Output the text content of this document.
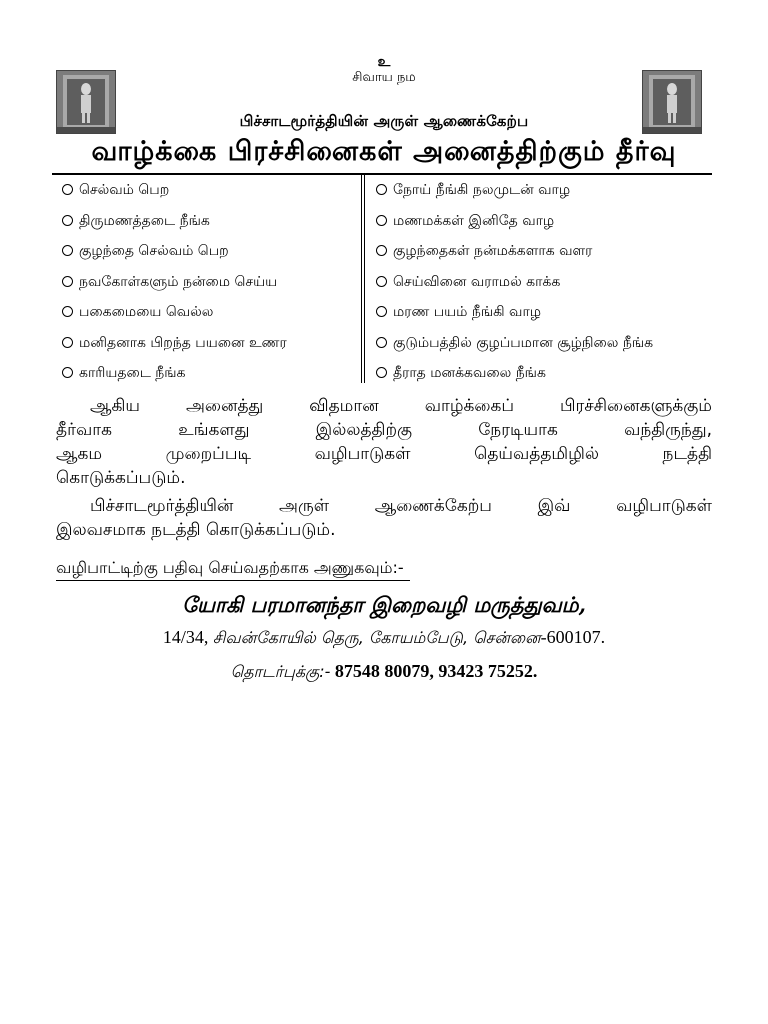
உ
சிவாய நம
பிச்சாடமூர்த்தியின் அருள் ஆணைக்கேற்ப
வாழ்க்கை பிரச்சினைகள் அனைத்திற்கும் தீர்வு
செல்வம் பெற
திருமணத்தடை நீங்க
குழந்தை செல்வம் பெற
நவகோள்களும் நன்மை செய்ய
பகைமையை வெல்ல
மனிதனாக பிறந்த பயனை உணர
காரியதடை நீங்க
நோய் நீங்கி நலமுடன் வாழ
மணமக்கள் இனிதே வாழ
குழந்தைகள் நன்மக்களாக வளர
செய்வினை வராமல் காக்க
மரண பயம் நீங்கி வாழ
குடும்பத்தில் குழப்பமான சூழ்நிலை நீங்க
தீராத மனக்கவலை நீங்க
ஆகிய அனைத்து விதமான வாழ்க்கைப் பிரச்சினைகளுக்கும்
தீர்வாக உங்களது இல்லத்திற்கு நேரடியாக வந்திருந்து,
ஆகம முறைப்படி வழிபாடுகள் தெய்வத்தமிழில் நடத்தி
கொடுக்கப்படும்.
பிச்சாடமூர்த்தியின் அருள் ஆணைக்கேற்ப இவ் வழிபாடுகள்
இலவசமாக நடத்தி கொடுக்கப்படும்.
வழிபாட்டிற்கு பதிவு செய்வதற்காக அணுகவும்:-
யோகி பரமானந்தா இறைவழி மருத்துவம்,
14/34, சிவன்கோயில் தெரு, கோயம்பேடு, சென்னை-600107.
தொடர்புக்கு:- 87548 80079, 93423 75252.
